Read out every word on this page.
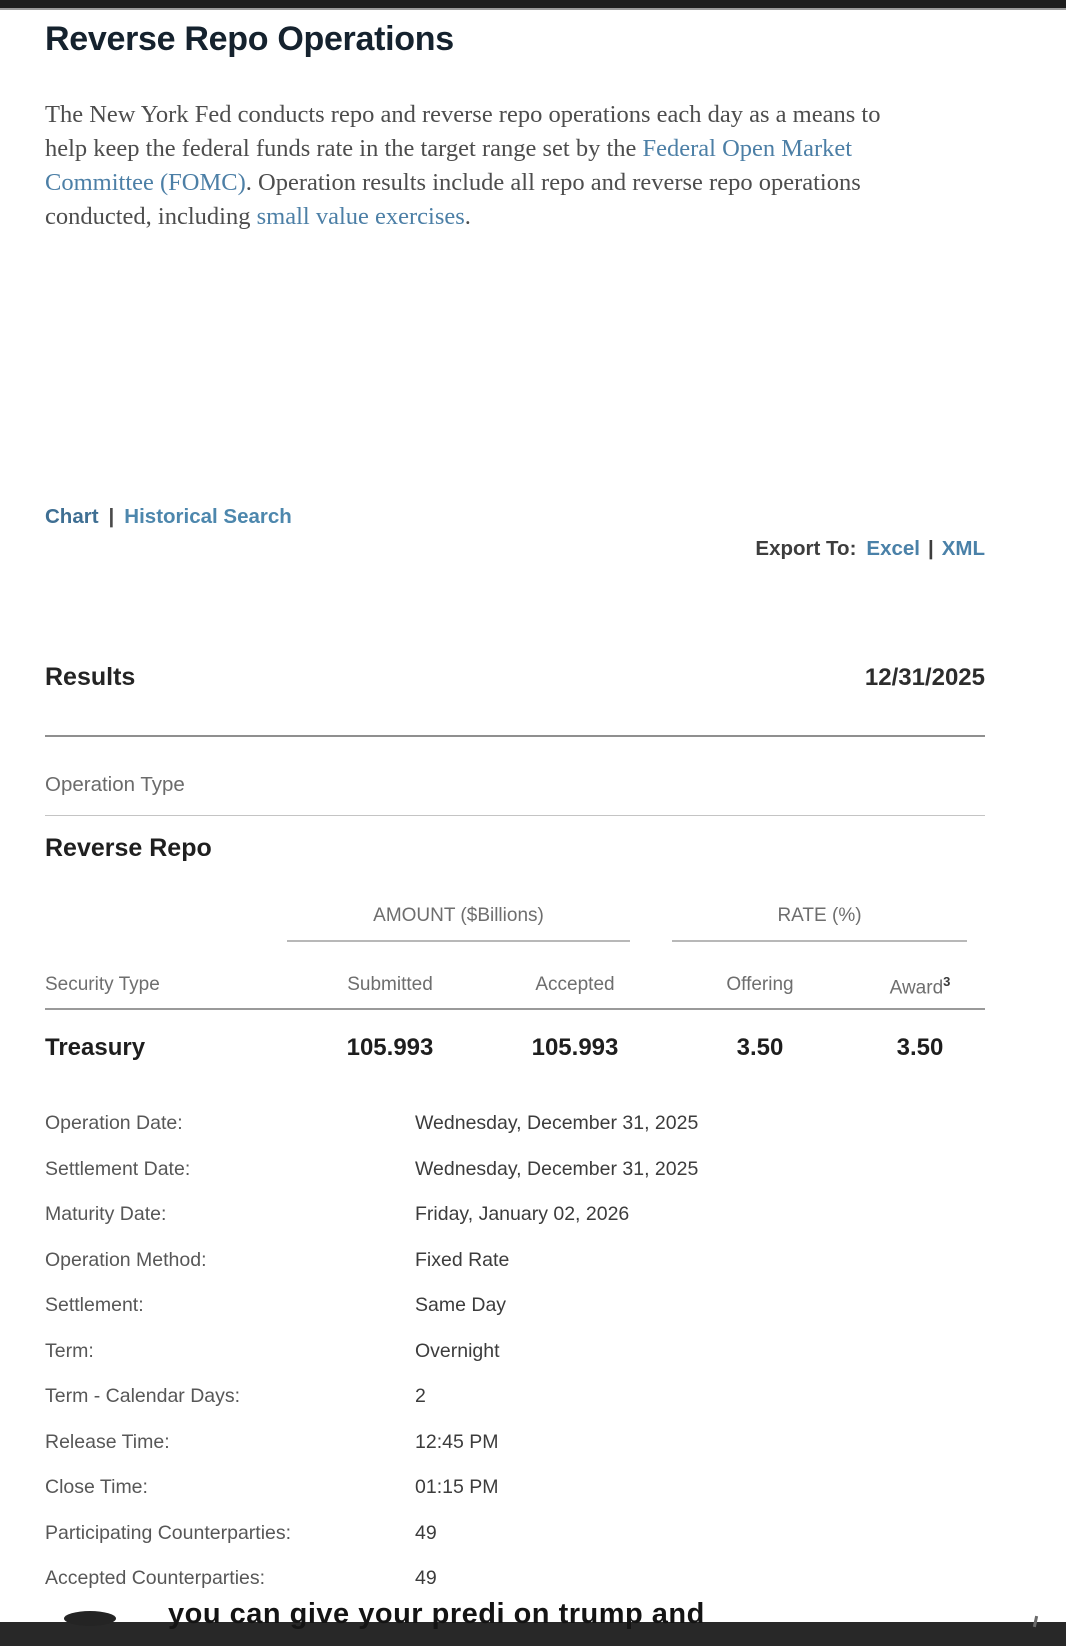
Reverse Repo Operations

The New York Fed conducts repo and reverse repo operations each day as a means to help keep the federal funds rate in the target range set by the Federal Open Market Committee (FOMC). Operation results include all repo and reverse repo operations conducted, including small value exercises.

Chart | Historical Search
Export To: Excel | XML
Results	12/31/2025
Operation Type
Reverse Repo
AMOUNT ($Billions)	RATE (%)
Security Type	Submitted	Accepted	Offering	Award$^3$
Treasury	105.993	105.993	3.50	3.50
Operation Date:	Wednesday, December 31, 2025
Settlement Date:	Wednesday, December 31, 2025
Maturity Date:	Friday, January 02, 2026
Operation Method:	Fixed Rate
Settlement:	Same Day
Term:	Overnight
Term - Calendar Days:	2
Release Time:	12:45 PM
Close Time:	01:15 PM
Participating Counterparties:	49
Accepted Counterparties:	49
you can give your predi on trump and
